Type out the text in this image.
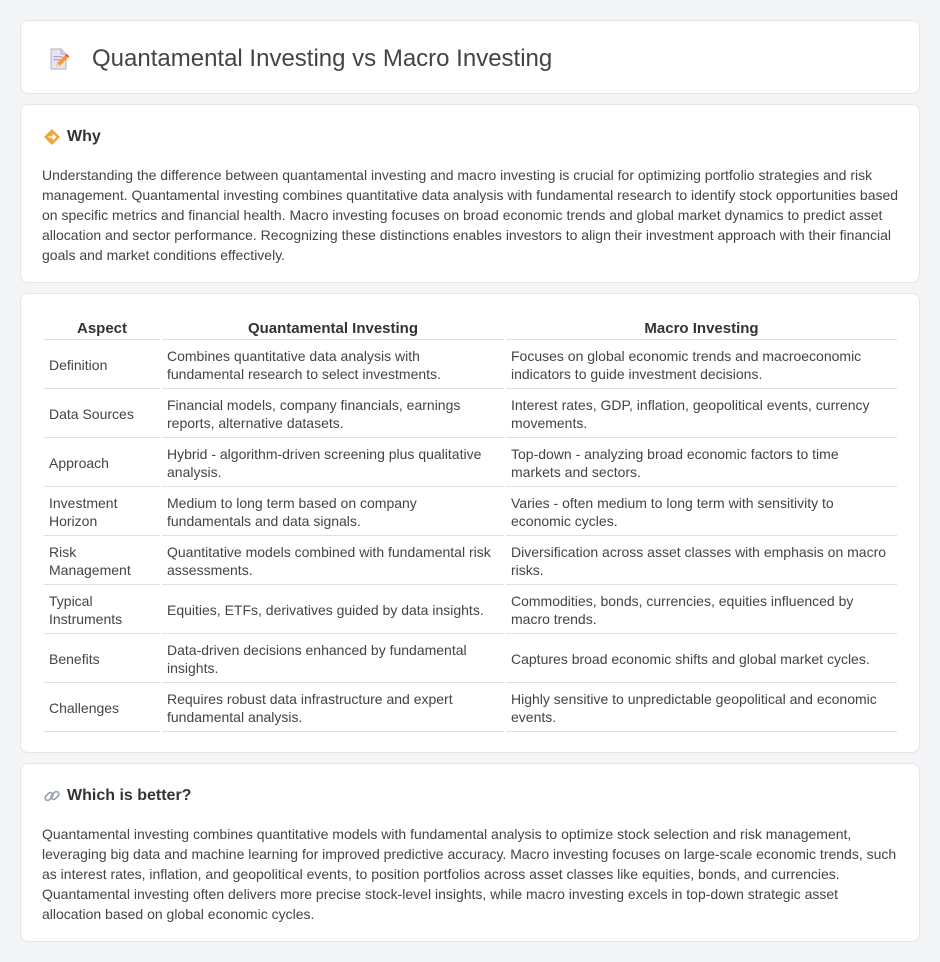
Quantamental Investing vs Macro Investing
Why

Understanding the difference between quantamental investing and macro investing is crucial for optimizing portfolio strategies and risk management. Quantamental investing combines quantitative data analysis with fundamental research to identify stock opportunities based on specific metrics and financial health. Macro investing focuses on broad economic trends and global market dynamics to predict asset allocation and sector performance. Recognizing these distinctions enables investors to align their investment approach with their financial goals and market conditions effectively.

Aspect	Quantamental Investing	Macro Investing
Definition	Combines quantitative data analysis with fundamental research to select investments.	Focuses on global economic trends and macroeconomic indicators to guide investment decisions.
Data Sources	Financial models, company financials, earnings reports, alternative datasets.	Interest rates, GDP, inflation, geopolitical events, currency movements.
Approach	Hybrid - algorithm-driven screening plus qualitative analysis.	Top-down - analyzing broad economic factors to time markets and sectors.
Investment Horizon	Medium to long term based on company fundamentals and data signals.	Varies - often medium to long term with sensitivity to economic cycles.
Risk Management	Quantitative models combined with fundamental risk assessments.	Diversification across asset classes with emphasis on macro risks.
Typical Instruments	Equities, ETFs, derivatives guided by data insights.	Commodities, bonds, currencies, equities influenced by macro trends.
Benefits	Data-driven decisions enhanced by fundamental insights.	Captures broad economic shifts and global market cycles.
Challenges	Requires robust data infrastructure and expert fundamental analysis.	Highly sensitive to unpredictable geopolitical and economic events.
Which is better?

Quantamental investing combines quantitative models with fundamental analysis to optimize stock selection and risk management, leveraging big data and machine learning for improved predictive accuracy. Macro investing focuses on large-scale economic trends, such as interest rates, inflation, and geopolitical events, to position portfolios across asset classes like equities, bonds, and currencies. Quantamental investing often delivers more precise stock-level insights, while macro investing excels in top-down strategic asset allocation based on global economic cycles.
